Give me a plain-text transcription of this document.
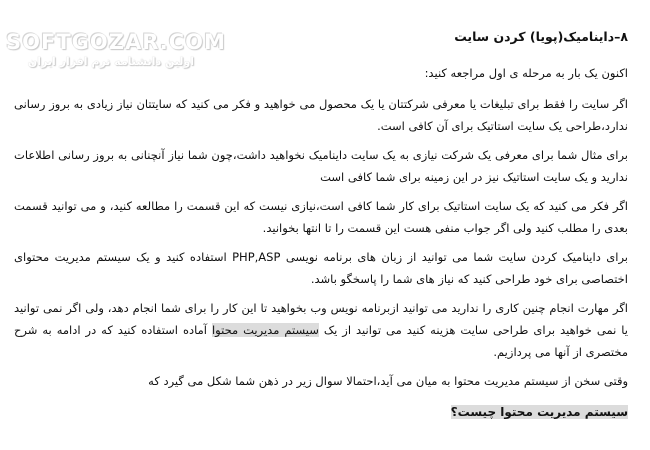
SOFTGOZAR.COM
اولین دانشنامه نرم افزار ایران
۸–داینامیک(پویا) کردن سایت

اکنون یک بار به مرحله ی اول مراجعه کنید:

اگر سایت را فقط برای تبلیغات یا معرفی شرکتتان یا یک محصول می خواهید و فکر می کنید که سایتتان نیاز زیادی به بروز رسانی ندارد،طراحی یک سایت استاتیک برای آن کافی است.

برای مثال شما برای معرفی یک شرکت نیازی به یک سایت داینامیک نخواهید داشت،چون شما نیاز آنچنانی به بروز رسانی اطلاعات ندارید و یک سایت استاتیک نیز در این زمینه برای شما کافی است

اگر فکر می کنید که یک سایت استاتیک برای کار شما کافی است،نیازی نیست که این قسمت را مطالعه کنید، و می توانید قسمت بعدی را مطلب کنید ولی اگر جواب منفی هست این قسمت را تا انتها بخوانید.

برای داینامیک کردن سایت شما می توانید از زبان های برنامه نویسی PHP,ASP استفاده کنید و یک سیستم مدیریت محتوای اختصاصی برای خود طراحی کنید که نیاز های شما را پاسخگو باشد.

اگر مهارت انجام چنین کاری را ندارید می توانید ازبرنامه نویس وب بخواهید تا این کار را برای شما انجام دهد، ولی اگر نمی توانید یا نمی خواهید برای طراحی سایت هزینه کنید می توانید از یک سیستم مدیریت محتوا آماده استفاده کنید که در ادامه به شرح مختصری از آنها می پردازیم.

وقتی سخن از سیستم مدیریت محتوا به میان می آید،احتمالا سوال زیر در ذهن شما شکل می گیرد که

سیستم مدیریت محتوا چیست؟
